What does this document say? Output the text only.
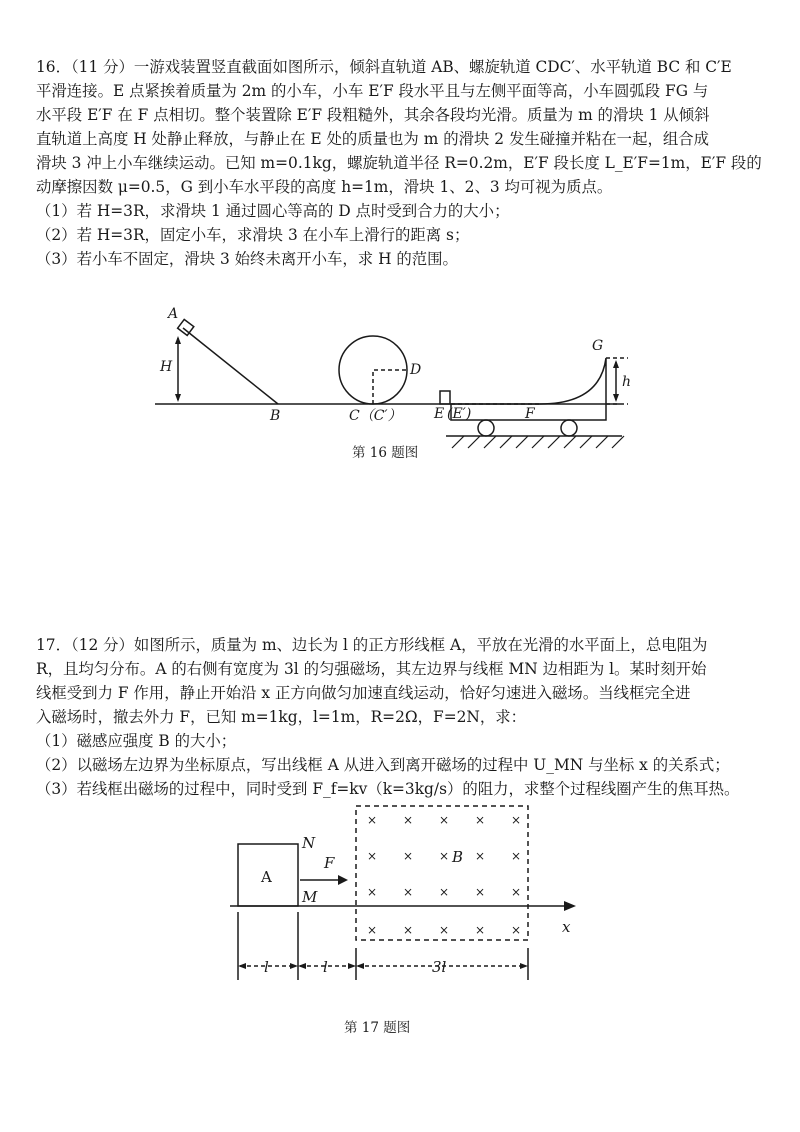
16．（11 分）一游戏装置竖直截面如图所示，倾斜直轨道 AB、螺旋轨道 CDC′、水平轨道 BC 和 C′E
平滑连接。E 点紧挨着质量为 2m 的小车，小车 E′F 段水平且与左侧平面等高，小车圆弧段 FG 与
水平段 E′F 在 F 点相切。整个装置除 E′F 段粗糙外，其余各段均光滑。质量为 m 的滑块 1 从倾斜
直轨道上高度 H 处静止释放，与静止在 E 处的质量也为 m 的滑块 2 发生碰撞并粘在一起，组合成
滑块 3 冲上小车继续运动。已知 m=0.1kg，螺旋轨道半径 R=0.2m，E′F 段长度 L_E′F=1m，E′F 段的
动摩擦因数 μ=0.5，G 到小车水平段的高度 h=1m，滑块 1、2、3 均可视为质点。
（1）若 H=3R，求滑块 1 通过圆心等高的 D 点时受到合力的大小；
（2）若 H=3R，固定小车，求滑块 3 在小车上滑行的距离 s；
（3）若小车不固定，滑块 3 始终未离开小车，求 H 的范围。
A
H
B	C（C′）
D
E (E′)	F
G
h
第 16 题图
17．（12 分）如图所示，质量为 m、边长为 l 的正方形线框 A，平放在光滑的水平面上，总电阻为
R，且均匀分布。A 的右侧有宽度为 3l 的匀强磁场，其左边界与线框 MN 边相距为 l。某时刻开始
线框受到力 F 作用，静止开始沿 x 正方向做匀加速直线运动，恰好匀速进入磁场。当线框完全进
入磁场时，撤去外力 F，已知 m=1kg，l=1m，R=2Ω，F=2N，求：
（1）磁感应强度 B 的大小；
（2）以磁场左边界为坐标原点，写出线框 A 从进入到离开磁场的过程中 U_MN 与坐标 x 的关系式；
（3）若线框出磁场的过程中，同时受到 F_f=kv（k=3kg/s）的阻力，求整个过程线圈产生的焦耳热。
× × × × ×
× × × × ×
× × × × ×
× × × × ×
A
N
M
F	B
x
l	l	3l
第 17 题图
